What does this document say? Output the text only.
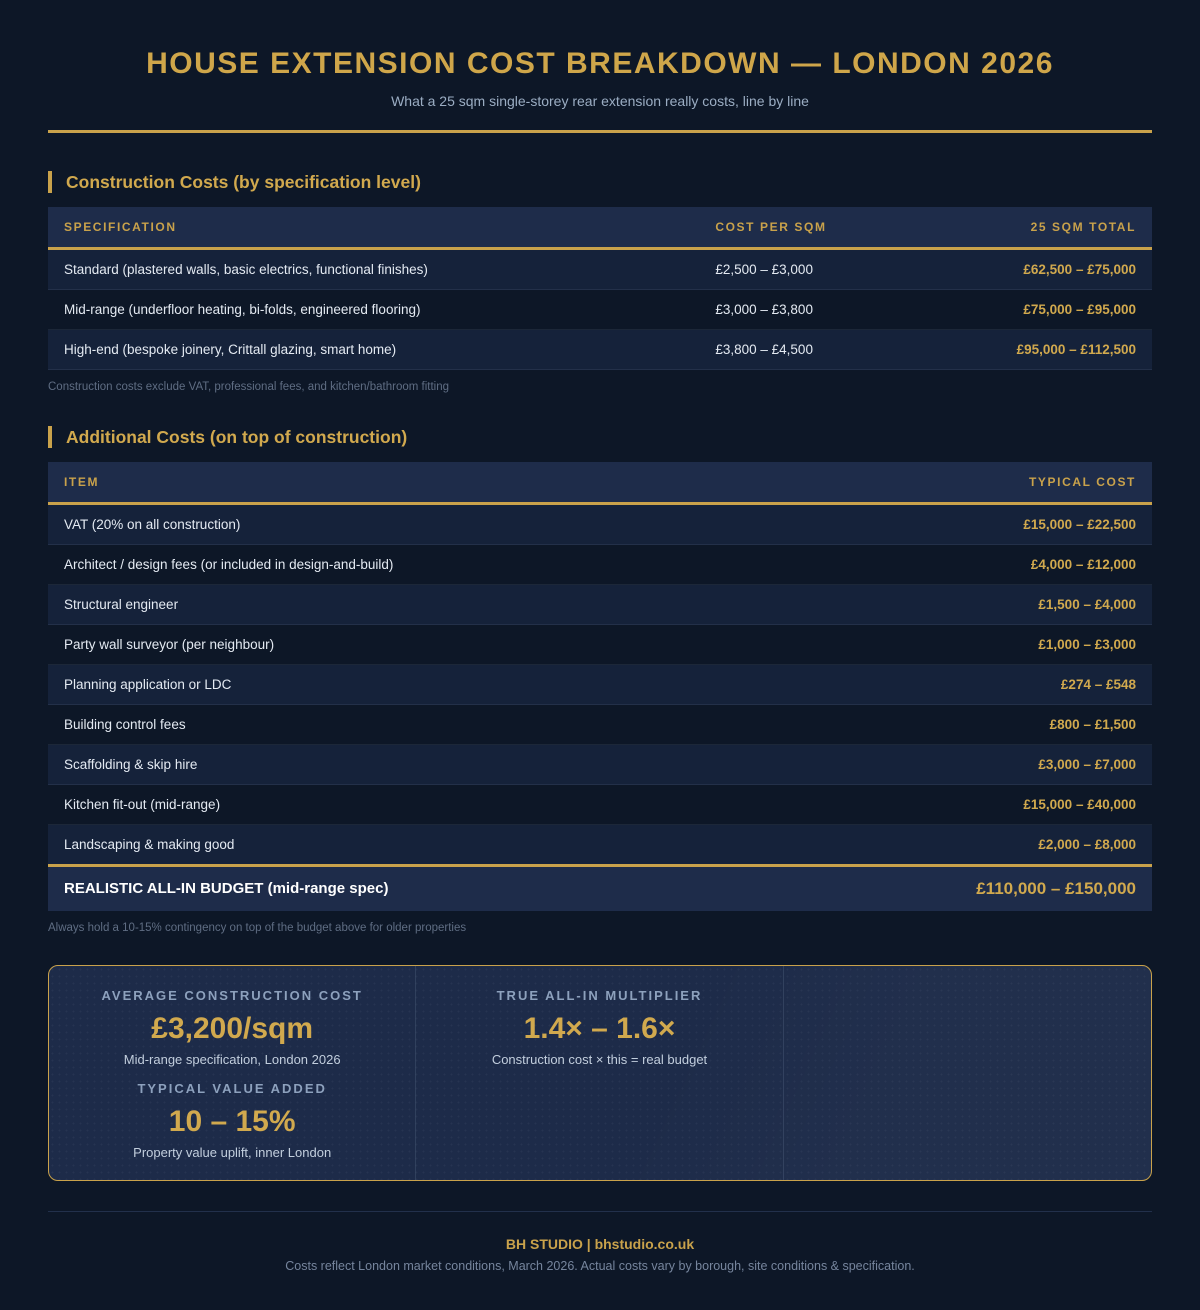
HOUSE EXTENSION COST BREAKDOWN — LONDON 2026
What a 25 sqm single-storey rear extension really costs, line by line
Construction Costs (by specification level)
SPECIFICATION	COST PER SQM	25 SQM TOTAL
Standard (plastered walls, basic electrics, functional finishes)	£2,500 – £3,000	£62,500 – £75,000
Mid-range (underfloor heating, bi-folds, engineered flooring)	£3,000 – £3,800	£75,000 – £95,000
High-end (bespoke joinery, Crittall glazing, smart home)	£3,800 – £4,500	£95,000 – £112,500
Construction costs exclude VAT, professional fees, and kitchen/bathroom fitting
Additional Costs (on top of construction)
ITEM	TYPICAL COST
VAT (20% on all construction)	£15,000 – £22,500
Architect / design fees (or included in design-and-build)	£4,000 – £12,000
Structural engineer	£1,500 – £4,000
Party wall surveyor (per neighbour)	£1,000 – £3,000
Planning application or LDC	£274 – £548
Building control fees	£800 – £1,500
Scaffolding & skip hire	£3,000 – £7,000
Kitchen fit-out (mid-range)	£15,000 – £40,000
Landscaping & making good	£2,000 – £8,000
REALISTIC ALL-IN BUDGET (mid-range spec)	£110,000 – £150,000
Always hold a 10-15% contingency on top of the budget above for older properties
AVERAGE CONSTRUCTION COST
£3,200/sqm
Mid-range specification, London 2026
TRUE ALL-IN MULTIPLIER
1.4× – 1.6×
Construction cost × this = real budget
TYPICAL VALUE ADDED
10 – 15%
Property value uplift, inner London
BH STUDIO | bhstudio.co.uk
Costs reflect London market conditions, March 2026. Actual costs vary by borough, site conditions & specification.
